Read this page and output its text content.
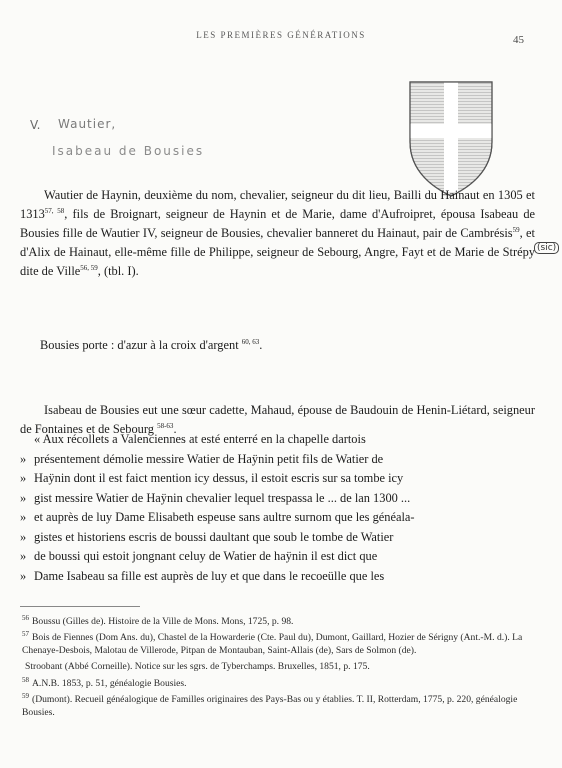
LES PREMIÈRES GÉNÉRATIONS	45
V. Wautier,
Isabeau de Bousies

Wautier de Haynin, deuxième du nom, chevalier, seigneur du dit lieu, Bailli du Hainaut en 1305 et 1313$^{57, 58}$, fils de Broignart, seigneur de Haynin et de Marie, dame d'Aufroipret, épousa Isabeau de Bousies fille de Wautier IV, seigneur de Bousies, chevalier banneret du Hainaut, pair de Cambrésis$^{59}$, et d'Alix de Hainaut, elle-même fille de Philippe, seigneur de Sebourg, Angre, Fayt et de Marie de Strépy dite de Ville$^{56, 59}$, (tbl. I).

(sic)

Bousies porte : d'azur à la croix d'argent $^{60, 63}$.

Isabeau de Bousies eut une sœur cadette, Mahaud, épouse de Baudouin de Henin-Liétard, seigneur de Fontaines et de Sebourg $^{58-63}$.

« Aux récollets a Valenciennes at esté enterré en la chapelle dartois
» présentement démolie messire Watier de Haÿnin petit fils de Watier de
» Haÿnin dont il est faict mention icy dessus, il estoit escris sur sa tombe icy
» gist messire Watier de Haÿnin chevalier lequel trespassa le ... de lan 1300 ...
» et auprès de luy Dame Elisabeth espeuse sans aultre surnom que les généala-
» gistes et historiens escris de boussi daultant que soub le tombe de Watier
» de boussi qui estoit jongnant celuy de Watier de haÿnin il est dict que
» Dame Isabeau sa fille est auprès de luy et que dans le recoeülle que les
$^{56}$ Boussu (Gilles de). Histoire de la Ville de Mons. Mons, 1725, p. 98.
$^{57}$ Bois de Fiennes (Dom Ans. du), Chastel de la Howarderie (Cte. Paul du), Dumont, Gaillard, Hozier de Sérigny (Ant.-M. d.). La Chenaye-Desbois, Malotau de Villerode, Pitpan de Montauban, Saint-Allais (de), Sars de Solmon (de).
Stroobant (Abbé Corneille). Notice sur les sgrs. de Tyberchamps. Bruxelles, 1851, p. 175.
$^{58}$ A.N.B. 1853, p. 51, généalogie Bousies.
$^{59}$ (Dumont). Recueil généalogique de Familles originaires des Pays-Bas ou y établies. T. II, Rotterdam, 1775, p. 220, généalogie Bousies.
